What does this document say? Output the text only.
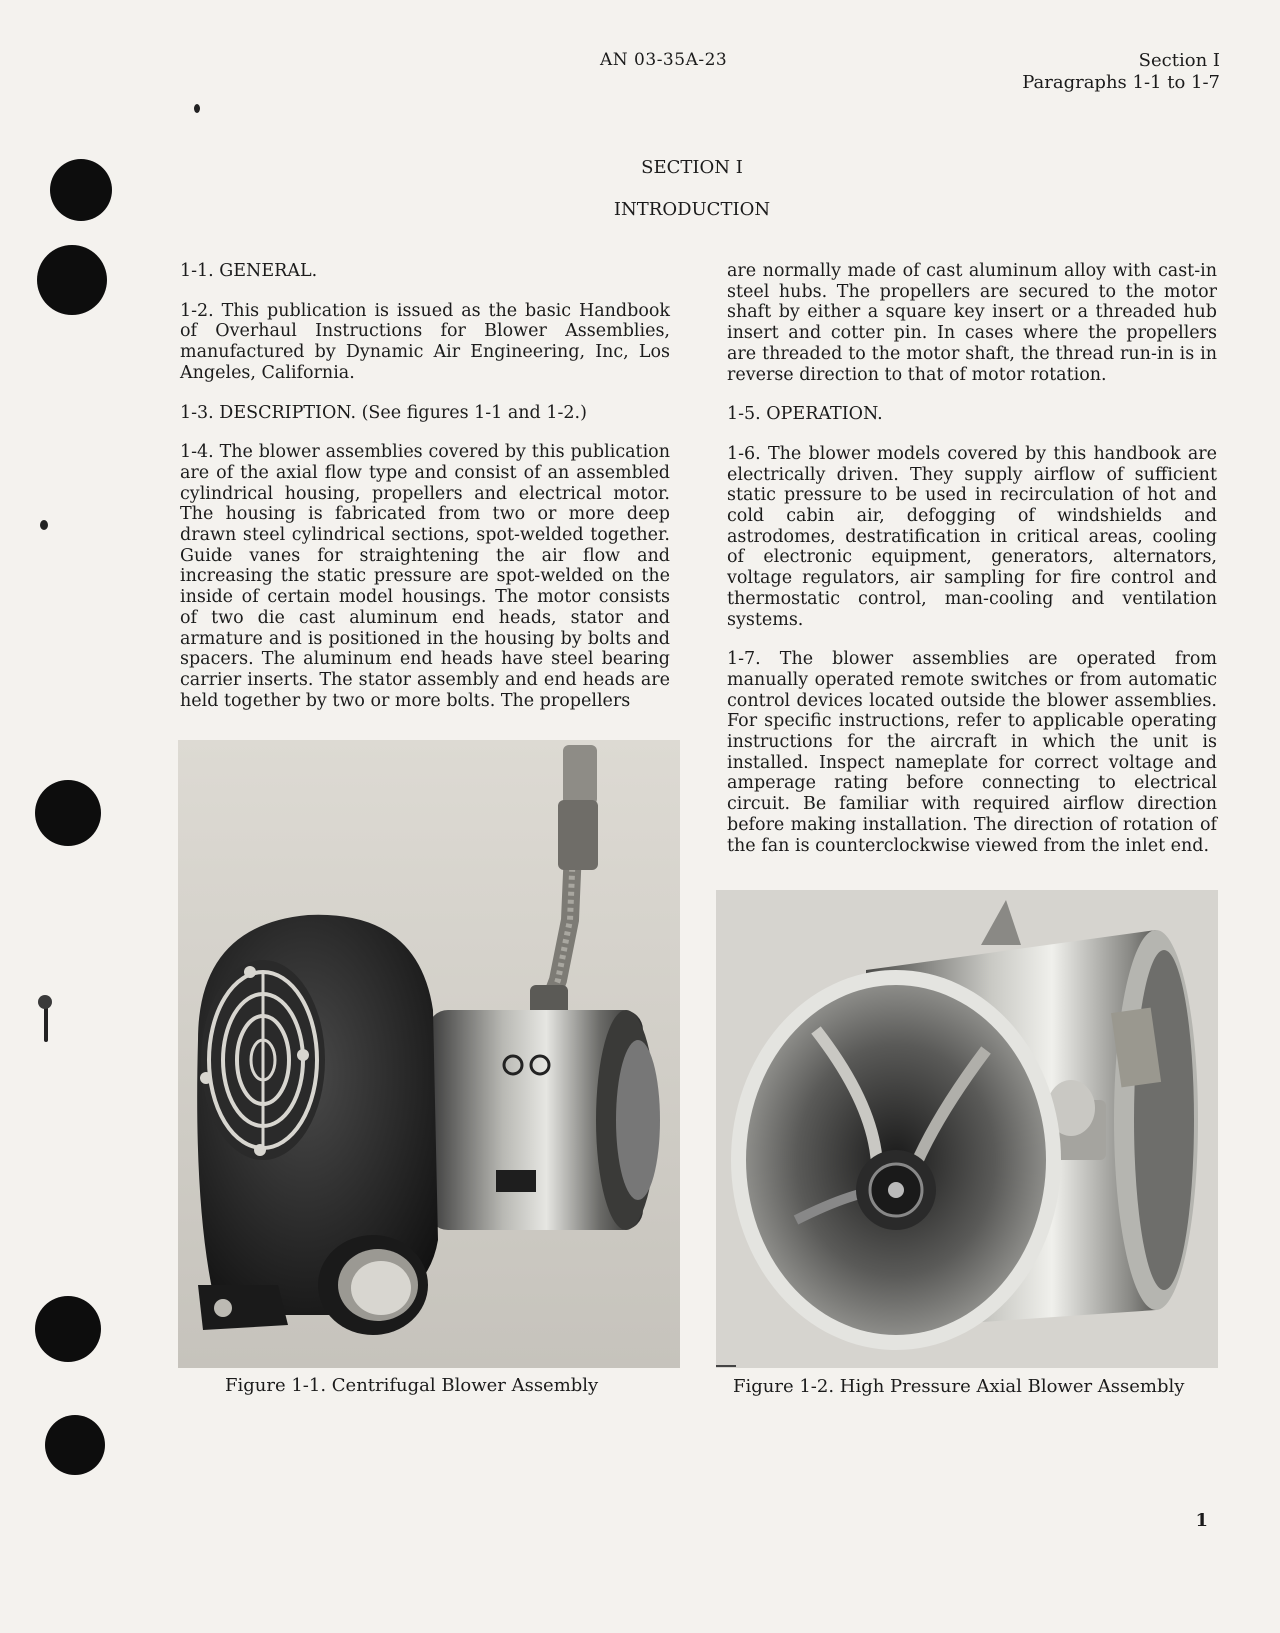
AN 03-35A-23	Section I
Paragraphs 1-1 to 1-7
SECTION I
INTRODUCTION

1-1. GENERAL.

1-2. This publication is issued as the basic Handbook of Overhaul Instructions for Blower Assemblies, manufactured by Dynamic Air Engineering, Inc, Los Angeles, California.

1-3. DESCRIPTION. (See figures 1-1 and 1-2.)

1-4. The blower assemblies covered by this publication are of the axial flow type and consist of an assembled cylindrical housing, propellers and electrical motor. The housing is fabricated from two or more deep drawn steel cylindrical sections, spot-welded together. Guide vanes for straightening the air flow and increasing the static pressure are spot-welded on the inside of certain model housings. The motor consists of two die cast aluminum end heads, stator and armature and is positioned in the housing by bolts and spacers. The aluminum end heads have steel bearing carrier inserts. The stator assembly and end heads are held together by two or more bolts. The propellers

are normally made of cast aluminum alloy with cast-in steel hubs. The propellers are secured to the motor shaft by either a square key insert or a threaded hub insert and cotter pin. In cases where the propellers are threaded to the motor shaft, the thread run-in is in reverse direction to that of motor rotation.

1-5. OPERATION.

1-6. The blower models covered by this handbook are electrically driven. They supply airflow of sufficient static pressure to be used in recirculation of hot and cold cabin air, defogging of windshields and astrodomes, destratification in critical areas, cooling of electronic equipment, generators, alternators, voltage regulators, air sampling for fire control and thermostatic control, man-cooling and ventilation systems.

1-7. The blower assemblies are operated from manually operated remote switches or from automatic control devices located outside the blower assemblies. For specific instructions, refer to applicable operating instructions for the aircraft in which the unit is installed. Inspect nameplate for correct voltage and amperage rating before connecting to electrical circuit. Be familiar with required airflow direction before making installation. The direction of rotation of the fan is counterclockwise viewed from the inlet end.

Figure 1-1. Centrifugal Blower Assembly	Figure 1-2. High Pressure Axial Blower Assembly
1
